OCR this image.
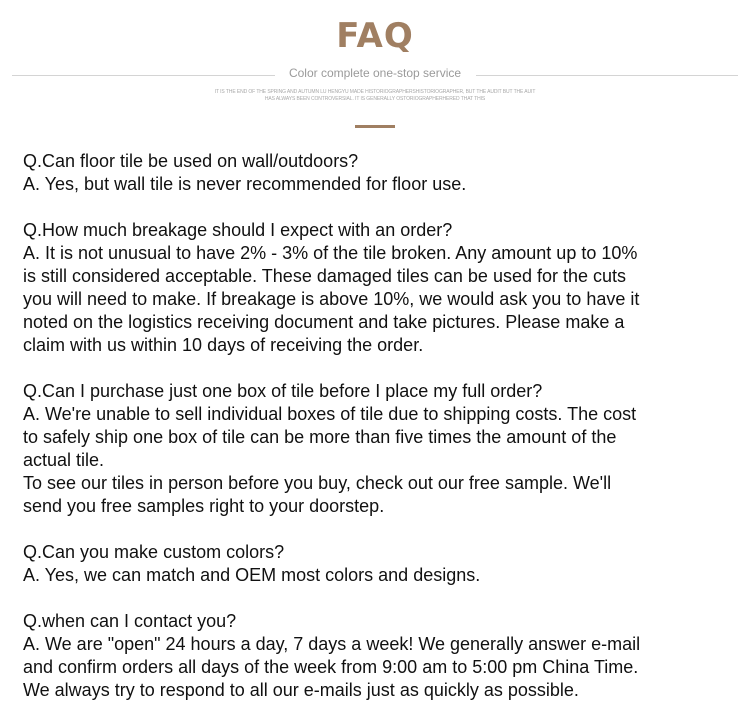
FAQ
Color complete one-stop service
IT IS THE END OF THE SPRING AND AUTUMN LU HENGYU MADE HISTORIOGRAPHERSHISTORIOGRAPHER, BUT THE AUDIT BUT THE AUIT
HAS ALWAYS BEEN CONTROVERSIAL. IT IS GENERALLY OSTORIOGRAPHERHERED THAT THIS
Q.Can floor tile be used on wall/outdoors?
A. Yes, but wall tile is never recommended for floor use.
Q.How much breakage should I expect with an order?
A. It is not unusual to have 2% - 3% of the tile broken. Any amount up to 10%
is still considered acceptable. These damaged tiles can be used for the cuts
you will need to make. If breakage is above 10%, we would ask you to have it
noted on the logistics receiving document and take pictures. Please make a
claim with us within 10 days of receiving the order.
Q.Can I purchase just one box of tile before I place my full order?
A. We're unable to sell individual boxes of tile due to shipping costs. The cost
to safely ship one box of tile can be more than five times the amount of the
actual tile.
To see our tiles in person before you buy, check out our free sample. We'll
send you free samples right to your doorstep.
Q.Can you make custom colors?
A. Yes, we can match and OEM most colors and designs.
Q.when can I contact you?
A. We are "open" 24 hours a day, 7 days a week! We generally answer e-mail
and confirm orders all days of the week from 9:00 am to 5:00 pm China Time.
We always try to respond to all our e-mails just as quickly as possible.
